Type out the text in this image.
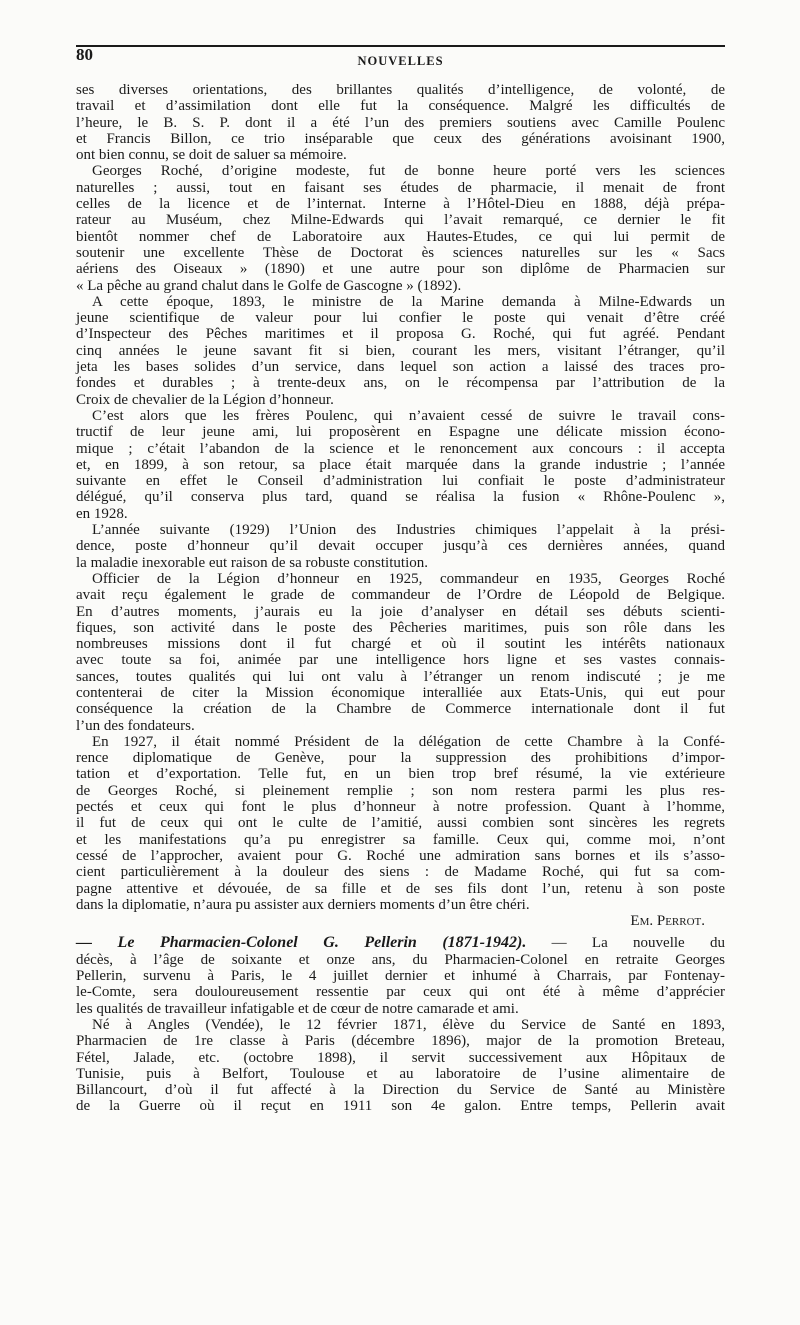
80	NOUVELLES
ses diverses orientations, des brillantes qualités d’intelligence, de volonté, de
travail et d’assimilation dont elle fut la conséquence. Malgré les difficultés de
l’heure, le B. S. P. dont il a été l’un des premiers soutiens avec Camille Poulenc
et Francis Billon, ce trio inséparable que ceux des générations avoisinant 1900,
ont bien connu, se doit de saluer sa mémoire.
Georges Roché, d’origine modeste, fut de bonne heure porté vers les sciences
naturelles ; aussi, tout en faisant ses études de pharmacie, il menait de front
celles de la licence et de l’internat. Interne à l’Hôtel-Dieu en 1888, déjà prépa-
rateur au Muséum, chez Milne-Edwards qui l’avait remarqué, ce dernier le fit
bientôt nommer chef de Laboratoire aux Hautes-Etudes, ce qui lui permit de
soutenir une excellente Thèse de Doctorat ès sciences naturelles sur les « Sacs
aériens des Oiseaux » (1890) et une autre pour son diplôme de Pharmacien sur
« La pêche au grand chalut dans le Golfe de Gascogne » (1892).
A cette époque, 1893, le ministre de la Marine demanda à Milne-Edwards un
jeune scientifique de valeur pour lui confier le poste qui venait d’être créé
d’Inspecteur des Pêches maritimes et il proposa G. Roché, qui fut agréé. Pendant
cinq années le jeune savant fit si bien, courant les mers, visitant l’étranger, qu’il
jeta les bases solides d’un service, dans lequel son action a laissé des traces pro-
fondes et durables ; à trente-deux ans, on le récompensa par l’attribution de la
Croix de chevalier de la Légion d’honneur.
C’est alors que les frères Poulenc, qui n’avaient cessé de suivre le travail cons-
tructif de leur jeune ami, lui proposèrent en Espagne une délicate mission écono-
mique ; c’était l’abandon de la science et le renoncement aux concours : il accepta
et, en 1899, à son retour, sa place était marquée dans la grande industrie ; l’année
suivante en effet le Conseil d’administration lui confiait le poste d’administrateur
délégué, qu’il conserva plus tard, quand se réalisa la fusion « Rhône-Poulenc »,
en 1928.
L’année suivante (1929) l’Union des Industries chimiques l’appelait à la prési-
dence, poste d’honneur qu’il devait occuper jusqu’à ces dernières années, quand
la maladie inexorable eut raison de sa robuste constitution.
Officier de la Légion d’honneur en 1925, commandeur en 1935, Georges Roché
avait reçu également le grade de commandeur de l’Ordre de Léopold de Belgique.
En d’autres moments, j’aurais eu la joie d’analyser en détail ses débuts scienti-
fiques, son activité dans le poste des Pêcheries maritimes, puis son rôle dans les
nombreuses missions dont il fut chargé et où il soutint les intérêts nationaux
avec toute sa foi, animée par une intelligence hors ligne et ses vastes connais-
sances, toutes qualités qui lui ont valu à l’étranger un renom indiscuté ; je me
contenterai de citer la Mission économique interalliée aux Etats-Unis, qui eut pour
conséquence la création de la Chambre de Commerce internationale dont il fut
l’un des fondateurs.
En 1927, il était nommé Président de la délégation de cette Chambre à la Confé-
rence diplomatique de Genève, pour la suppression des prohibitions d’impor-
tation et d’exportation. Telle fut, en un bien trop bref résumé, la vie extérieure
de Georges Roché, si pleinement remplie ; son nom restera parmi les plus res-
pectés et ceux qui font le plus d’honneur à notre profession. Quant à l’homme,
il fut de ceux qui ont le culte de l’amitié, aussi combien sont sincères les regrets
et les manifestations qu’a pu enregistrer sa famille. Ceux qui, comme moi, n’ont
cessé de l’approcher, avaient pour G. Roché une admiration sans bornes et ils s’asso-
cient particulièrement à la douleur des siens : de Madame Roché, qui fut sa com-
pagne attentive et dévouée, de sa fille et de ses fils dont l’un, retenu à son poste
dans la diplomatie, n’aura pu assister aux derniers moments d’un être chéri.

Em. Perrot.

— Le Pharmacien-Colonel G. Pellerin (1871-1942). — La nouvelle du
décès, à l’âge de soixante et onze ans, du Pharmacien-Colonel en retraite Georges
Pellerin, survenu à Paris, le 4 juillet dernier et inhumé à Charrais, par Fontenay-
le-Comte, sera douloureusement ressentie par ceux qui ont été à même d’apprécier
les qualités de travailleur infatigable et de cœur de notre camarade et ami.
Né à Angles (Vendée), le 12 février 1871, élève du Service de Santé en 1893,
Pharmacien de 1re classe à Paris (décembre 1896), major de la promotion Breteau,
Fétel, Jalade, etc. (octobre 1898), il servit successivement aux Hôpitaux de
Tunisie, puis à Belfort, Toulouse et au laboratoire de l’usine alimentaire de
Billancourt, d’où il fut affecté à la Direction du Service de Santé au Ministère
de la Guerre où il reçut en 1911 son 4e galon. Entre temps, Pellerin avait
